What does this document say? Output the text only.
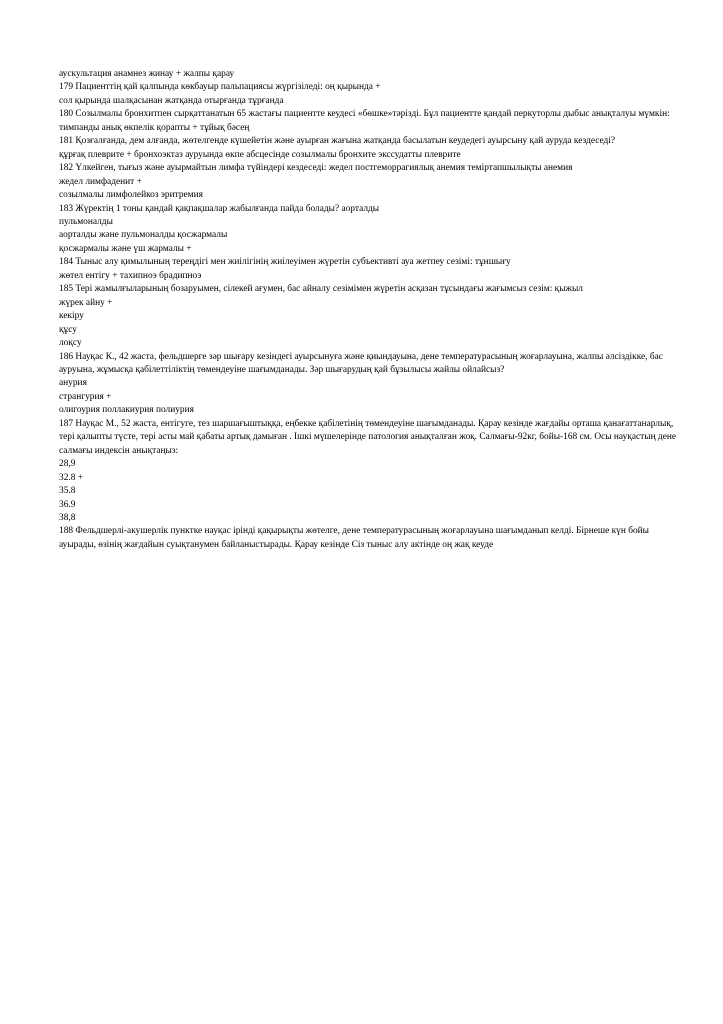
аускультация анамнез жинау + жалпы қарау
179 Пациенттің қай қалпында көкбауыр пальпациясы жүргізіледі: оң қырында +
сол қырында шалқасынан жатқанда отырғанда тұрғанда
180 Созылмалы бронхитпен сырқаттанатын 65 жастағы пациентте кеудесі «бөшке»тәрізді. Бұл пациентте қандай перкуторлы дыбыс анықталуы мүмкін:
тимпанды анық өкпелік қорапты + тұйық бәсең
181 Қозғалғанда, дем алғанда, жөтелгенде күшейетін және ауырған жағына жатқанда басылатын кеудедегі ауырсыну қай ауруда кездеседі?
құрғақ плеврите + бронхоэктаз ауруында өкпе абсцесінде созылмалы бронхите экссудатты плеврите
182 Үлкейген, тығыз және ауырмайтын лимфа түйіндері кездеседі: жедел постгеморрагиялық анемия теміртапшылықты анемия
жедел лимфаденит +
созылмалы лимфолейкоз эритремия
183 Жүректің 1 тоны қандай қақпақшалар жабылғанда пайда болады? аорталды
пульмоналды
аорталды және пульмоналды қосжармалы
қосжармалы және үш жармалы +
184 Тыныс алу қимылының тереңдігі мен жиілігінің жиілеуімен жүретін субъективті ауа жетпеу сезімі: тұншығу
жөтел ентігу + тахипноэ брадипноэ
185 Тері жамылғыларының бозаруымен, сілекей ағумен, бас айналу сезімімен жүретін асқазан тұсындағы жағымсыз сезім: қыжыл
жүрек айну +
кекіру
құсу
лоқсу
186 Науқас К., 42 жаста, фельдшерге зәр шығару кезіндегі ауырсынуға және қиындауына, дене температурасының жоғарлауына, жалпы әлсіздікке, бас ауруына, жұмысқа қабілеттіліктің төмендеуіне шағымданады. Зәр шығарудың қай бұзылысы жайлы ойлайсыз?
анурия
странгурия +
олигоурия поллакиурия полиурия
187 Науқас М., 52 жаста, ентігуге, тез шаршағыштыққа, еңбекке қабілетінің төмендеуіне шағымданады. Қарау кезінде жағдайы орташа қанағаттанарлық, тері қалыпты түсте, тері асты май қабаты артық дамыған . Ішкі мүшелерінде патология анықталған жоқ. Салмағы-92кг, бойы-168 см. Осы науқастың дене салмағы индексін анықтаңыз:
28,9
32.8 +
35.8
36.9
38,8
188 Фельдшерлі-акушерлік пунктке науқас ірінді қақырықты жөтелге, дене температурасының жоғарлауына шағымданып келді. Бірнеше күн бойы ауырады, өзінің жағдайын суықтанумен байланыстырады. Қарау кезінде Сіз тыныс алу актінде оң жақ кеуде
